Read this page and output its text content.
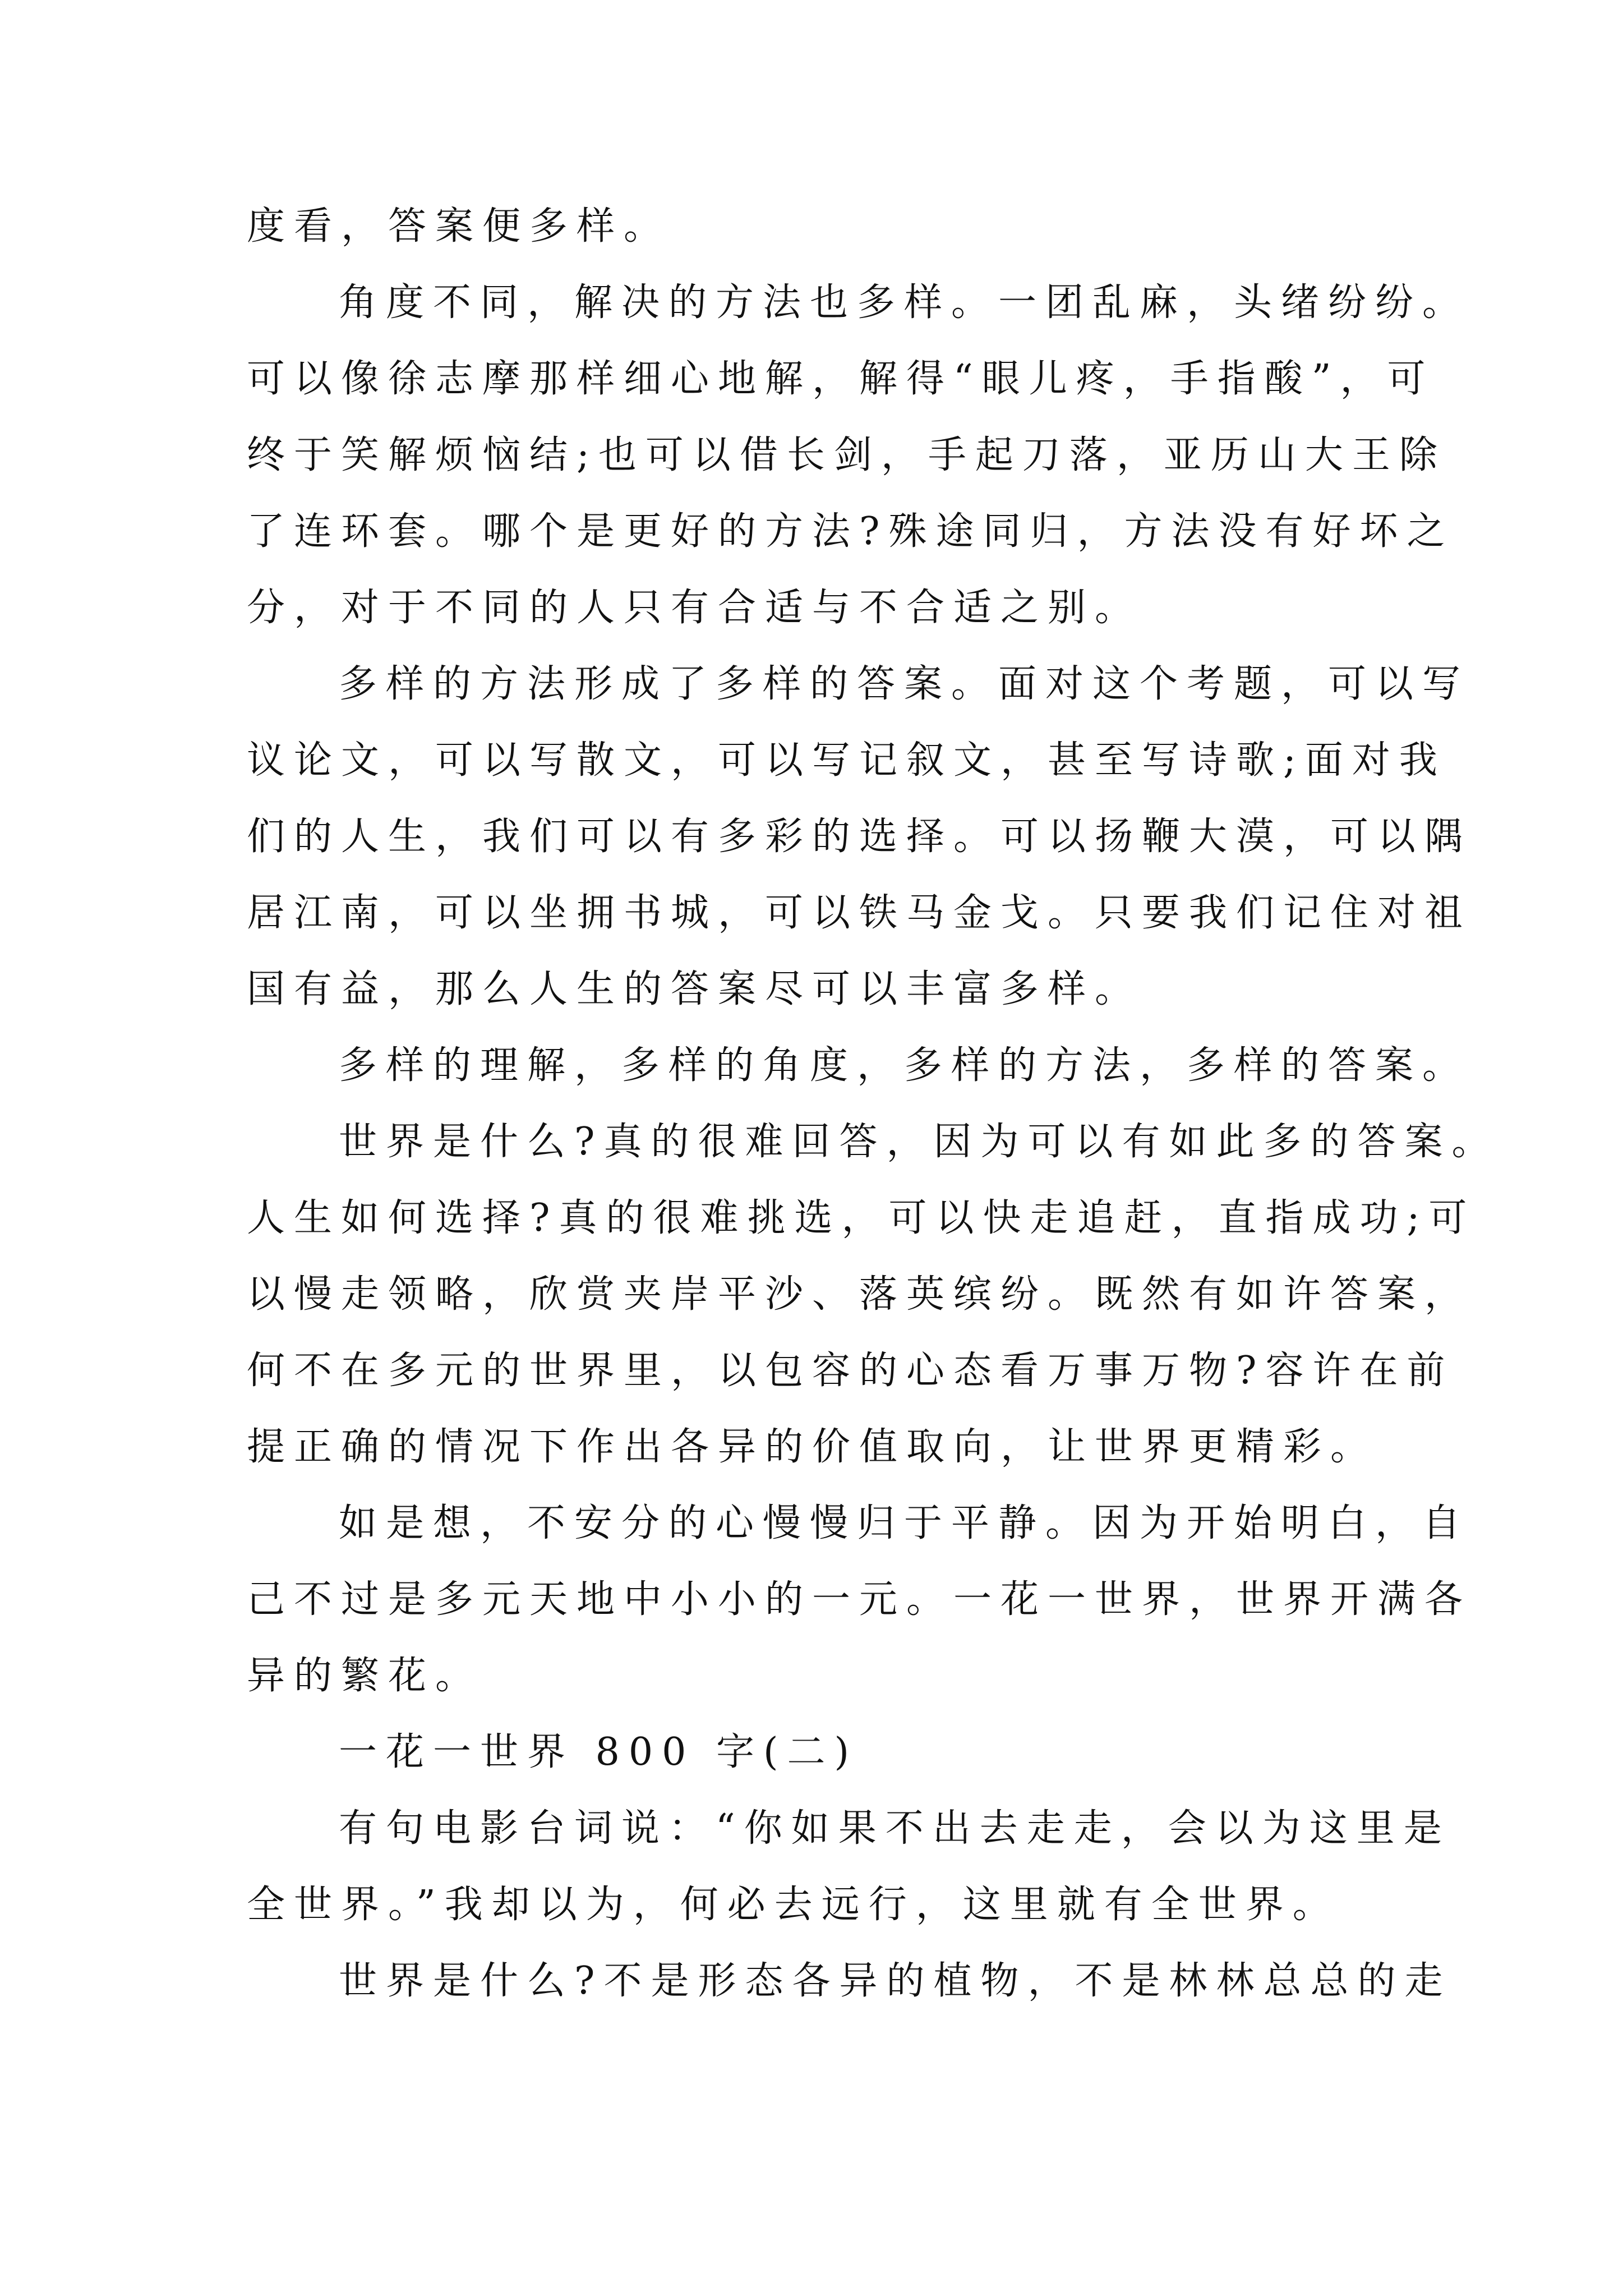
度看，答案便多样。
角度不同，解决的方法也多样。一团乱麻，头绪纷纷。
可以像徐志摩那样细心地解，解得“眼儿疼，手指酸”，可
终于笑解烦恼结;也可以借长剑，手起刀落，亚历山大王除
了连环套。哪个是更好的方法?殊途同归，方法没有好坏之
分，对于不同的人只有合适与不合适之别。
多样的方法形成了多样的答案。面对这个考题，可以写
议论文，可以写散文，可以写记叙文，甚至写诗歌;面对我
们的人生，我们可以有多彩的选择。可以扬鞭大漠，可以隅
居江南，可以坐拥书城，可以铁马金戈。只要我们记住对祖
国有益，那么人生的答案尽可以丰富多样。
多样的理解，多样的角度，多样的方法，多样的答案。
世界是什么?真的很难回答，因为可以有如此多的答案。
人生如何选择?真的很难挑选，可以快走追赶，直指成功;可
以慢走领略，欣赏夹岸平沙、落英缤纷。既然有如许答案，
何不在多元的世界里，以包容的心态看万事万物?容许在前
提正确的情况下作出各异的价值取向，让世界更精彩。
如是想，不安分的心慢慢归于平静。因为开始明白，自
己不过是多元天地中小小的一元。一花一世界，世界开满各
异的繁花。
一花一世界 800 字(二)
有句电影台词说：“你如果不出去走走，会以为这里是
全世界。”我却以为，何必去远行，这里就有全世界。
世界是什么?不是形态各异的植物，不是林林总总的走
